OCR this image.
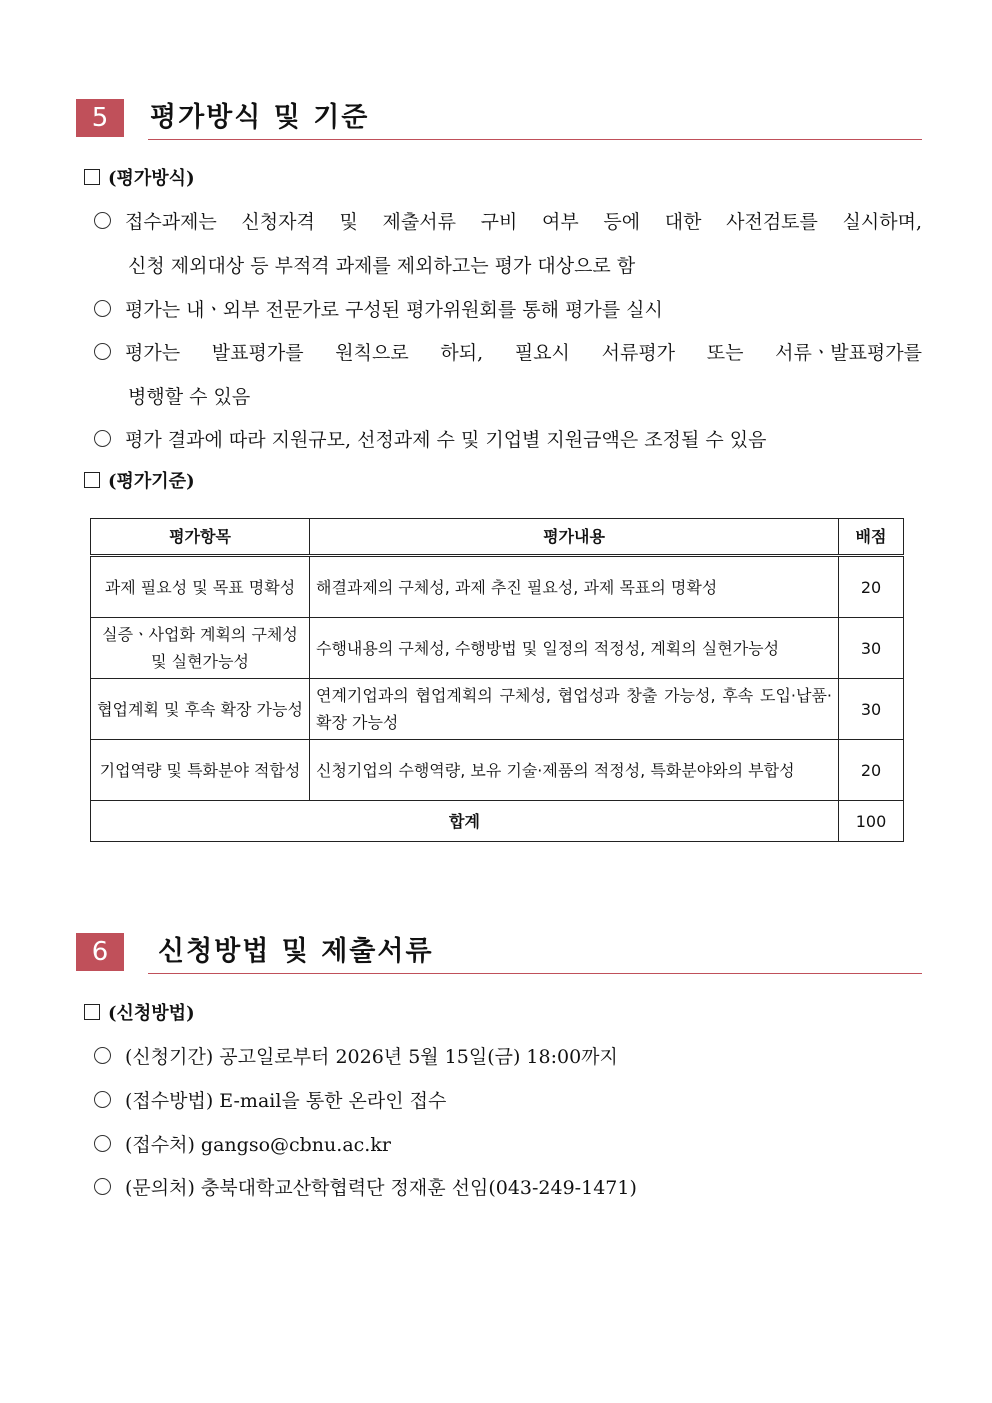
5	평가방식 및 기준
(평가방식)
접수과제는 신청자격 및 제출서류 구비 여부 등에 대한 사전검토를 실시하며,
신청 제외대상 등 부적격 과제를 제외하고는 평가 대상으로 함
평가는 내ㆍ외부 전문가로 구성된 평가위원회를 통해 평가를 실시
평가는 발표평가를 원칙으로 하되, 필요시 서류평가 또는 서류ㆍ발표평가를
병행할 수 있음
평가 결과에 따라 지원규모, 선정과제 수 및 기업별 지원금액은 조정될 수 있음
(평가기준)
평가항목	평가내용	배점
과제 필요성 및 목표 명확성	해결과제의 구체성, 과제 추진 필요성, 과제 목표의 명확성	20
실증ㆍ사업화 계획의 구체성 및 실현가능성	수행내용의 구체성, 수행방법 및 일정의 적정성, 계획의 실현가능성	30
협업계획 및 후속 확장 가능성	연계기업과의 협업계획의 구체성, 협업성과 창출 가능성, 후속 도입·납품·확장 가능성	30
기업역량 및 특화분야 적합성	신청기업의 수행역량, 보유 기술·제품의 적정성, 특화분야와의 부합성	20
합계		100
6	신청방법 및 제출서류
(신청방법)
(신청기간) 공고일로부터 2026년 5월 15일(금) 18:00까지
(접수방법) E-mail을 통한 온라인 접수
(접수처) gangso@cbnu.ac.kr
(문의처) 충북대학교산학협력단 정재훈 선임(043-249-1471)
